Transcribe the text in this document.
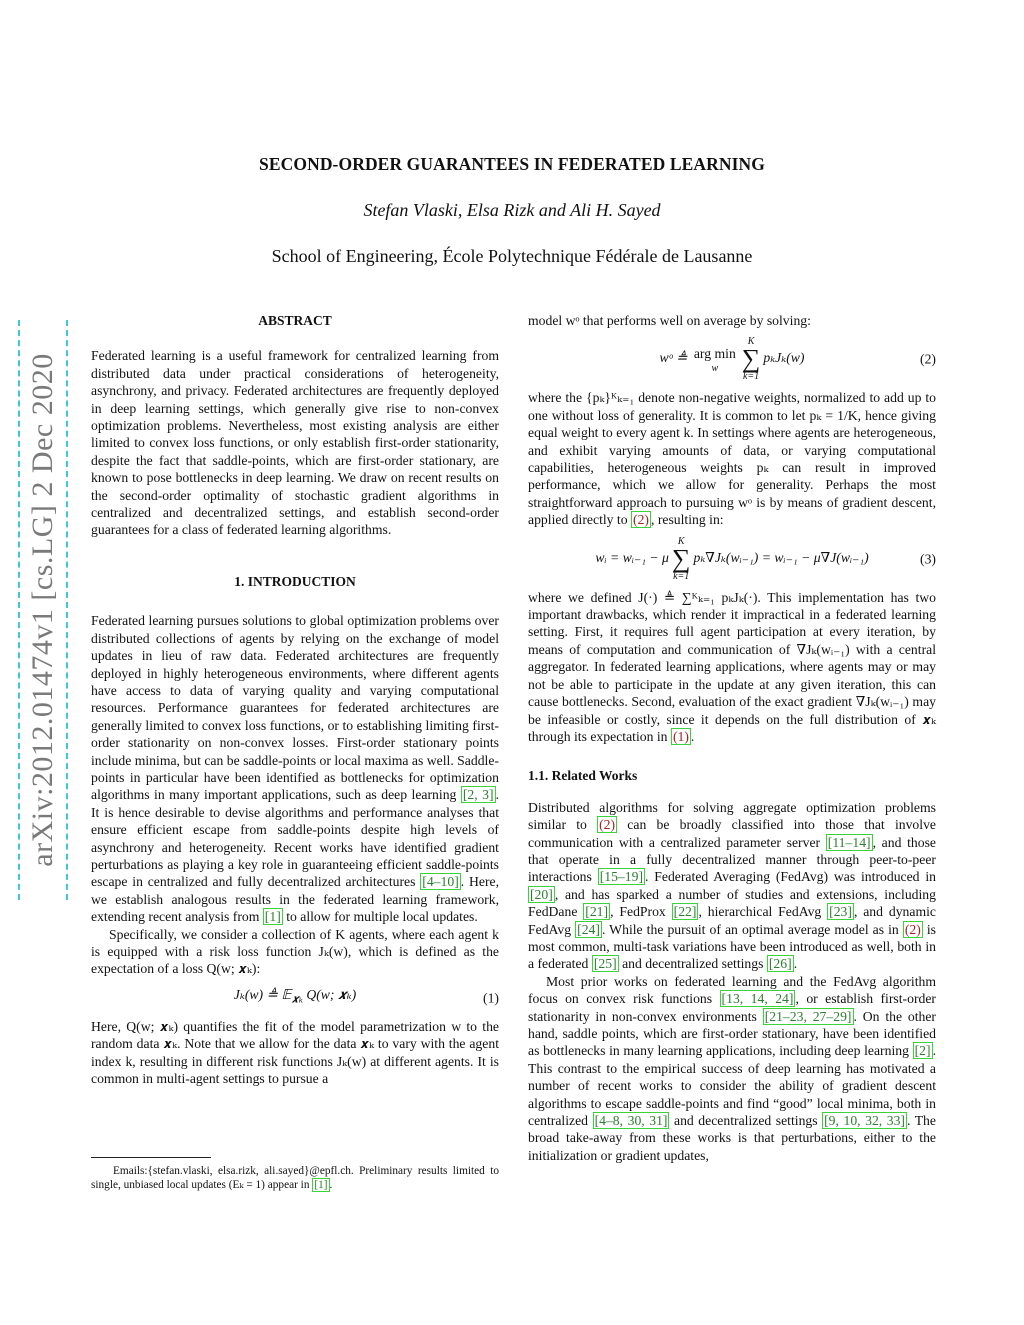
arXiv:2012.01474v1 [cs.LG] 2 Dec 2020
SECOND-ORDER GUARANTEES IN FEDERATED LEARNING
Stefan Vlaski, Elsa Rizk and Ali H. Sayed
School of Engineering, École Polytechnique Fédérale de Lausanne
ABSTRACT

Federated learning is a useful framework for centralized learning from distributed data under practical considerations of heterogeneity, asynchrony, and privacy. Federated architectures are frequently deployed in deep learning settings, which generally give rise to non-convex optimization problems. Nevertheless, most existing analysis are either limited to convex loss functions, or only establish first-order stationarity, despite the fact that saddle-points, which are first-order stationary, are known to pose bottlenecks in deep learning. We draw on recent results on the second-order optimality of stochastic gradient algorithms in centralized and decentralized settings, and establish second-order guarantees for a class of federated learning algorithms.

1. INTRODUCTION

Federated learning pursues solutions to global optimization problems over distributed collections of agents by relying on the exchange of model updates in lieu of raw data. Federated architectures are frequently deployed in highly heterogeneous environments, where different agents have access to data of varying quality and varying computational resources. Performance guarantees for federated architectures are generally limited to convex loss functions, or to establishing limiting first-order stationarity on non-convex losses. First-order stationary points include minima, but can be saddle-points or local maxima as well. Saddle-points in particular have been identified as bottlenecks for optimization algorithms in many important applications, such as deep learning [2, 3] . It is hence desirable to devise algorithms and performance analyses that ensure efficient escape from saddle-points despite high levels of asynchrony and heterogeneity. Recent works have identified gradient perturbations as playing a key role in guaranteeing efficient saddle-points escape in centralized and fully decentralized architectures [4–10] . Here, we establish analogous results in the federated learning framework, extending recent analysis from [1] to allow for multiple local updates.

Specifically, we consider a collection of K agents, where each agent k is equipped with a risk loss function Jₖ(w), which is defined as the expectation of a loss Q(w; 𝒙ₖ):

Jₖ(w) ≜ 𝔼$_{𝒙_k}$ Q(w; 𝒙ₖ)	(1)

Here, Q(w; 𝒙ₖ) quantifies the fit of the model parametrization w to the random data 𝒙ₖ. Note that we allow for the data 𝒙ₖ to vary with the agent index k, resulting in different risk functions Jₖ(w) at different agents. It is common in multi-agent settings to pursue a

Emails:{stefan.vlaski, elsa.rizk, ali.sayed}@epfl.ch. Preliminary results limited to single, unbiased local updates (Eₖ = 1) appear in [1] .

model wᵒ that performs well on average by solving:

wᵒ ≜ arg min
w
K
∑
k=1
pₖJₖ(w)	(2)

where the {pₖ}ᴷₖ₌₁ denote non-negative weights, normalized to add up to one without loss of generality. It is common to let pₖ = 1/K, hence giving equal weight to every agent k. In settings where agents are heterogeneous, and exhibit varying amounts of data, or varying computational capabilities, heterogeneous weights pₖ can result in improved performance, which we allow for generality. Perhaps the most straightforward approach to pursuing wᵒ is by means of gradient descent, applied directly to (2) , resulting in:

wᵢ = wᵢ₋₁ − μ
K
∑
k=1
pₖ∇Jₖ(wᵢ₋₁) = wᵢ₋₁ − μ∇J(wᵢ₋₁)	(3)

where we defined J(·) ≜ ∑ᴷₖ₌₁ pₖJₖ(·). This implementation has two important drawbacks, which render it impractical in a federated learning setting. First, it requires full agent participation at every iteration, by means of computation and communication of ∇Jₖ(wᵢ₋₁) with a central aggregator. In federated learning applications, where agents may or may not be able to participate in the update at any given iteration, this can cause bottlenecks. Second, evaluation of the exact gradient ∇Jₖ(wᵢ₋₁) may be infeasible or costly, since it depends on the full distribution of 𝒙ₖ through its expectation in (1) .

1.1. Related Works

Distributed algorithms for solving aggregate optimization problems similar to (2) can be broadly classified into those that involve communication with a centralized parameter server [11–14] , and those that operate in a fully decentralized manner through peer-to-peer interactions [15–19] . Federated Averaging (FedAvg) was introduced in [20] , and has sparked a number of studies and extensions, including FedDane [21] , FedProx [22] , hierarchical FedAvg [23] , and dynamic FedAvg [24] . While the pursuit of an optimal average model as in (2) is most common, multi-task variations have been introduced as well, both in a federated [25] and decentralized settings [26] .

Most prior works on federated learning and the FedAvg algorithm focus on convex risk functions [13, 14, 24] , or establish first-order stationarity in non-convex environments [21–23, 27–29] . On the other hand, saddle points, which are first-order stationary, have been identified as bottlenecks in many learning applications, including deep learning [2] . This contrast to the empirical success of deep learning has motivated a number of recent works to consider the ability of gradient descent algorithms to escape saddle-points and find “good” local minima, both in centralized [4–8, 30, 31] and decentralized settings [9, 10, 32, 33] . The broad take-away from these works is that perturbations, either to the initialization or gradient updates,
